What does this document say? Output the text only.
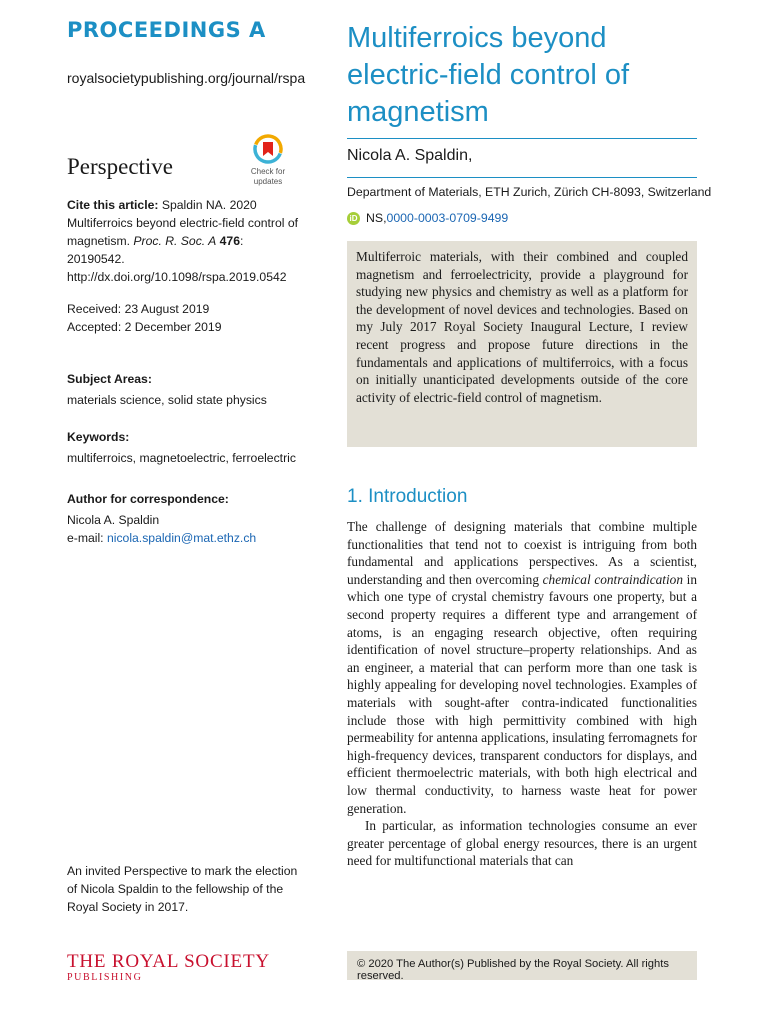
PROCEEDINGS A
royalsocietypublishing.org/journal/rspa
Perspective	Check for
updates
Cite this article: Spaldin NA. 2020 Multiferroics beyond electric-field control of magnetism. Proc. R. Soc. A 476: 20190542.
http://dx.doi.org/10.1098/rspa.2019.0542
Received: 23 August 2019
Accepted: 2 December 2019
Subject Areas:
materials science, solid state physics
Keywords:
multiferroics, magnetoelectric, ferroelectric
Author for correspondence:
Nicola A. Spaldin
e-mail: nicola.spaldin@mat.ethz.ch
An invited Perspective to mark the election of Nicola Spaldin to the fellowship of the Royal Society in 2017.
THE ROYAL SOCIETY
PUBLISHING
Multiferroics beyond electric-field control of magnetism
Nicola A. Spaldin,
Department of Materials, ETH Zurich, Zürich CH-8093, Switzerland
iD NS, 0000-0003-0709-9499
Multiferroic materials, with their combined and coupled magnetism and ferroelectricity, provide a playground for studying new physics and chemistry as well as a platform for the development of novel devices and technologies. Based on my July 2017 Royal Society Inaugural Lecture, I review recent progress and propose future directions in the fundamentals and applications of multiferroics, with a focus on initially unanticipated developments outside of the core activity of electric-field control of magnetism.
1. Introduction

The challenge of designing materials that combine multiple functionalities that tend not to coexist is intriguing from both fundamental and applications perspectives. As a scientist, understanding and then overcoming chemical contraindication in which one type of crystal chemistry favours one property, but a second property requires a different type and arrangement of atoms, is an engaging research objective, often requiring identification of novel structure–property relationships. And as an engineer, a material that can perform more than one task is highly appealing for developing novel technologies. Examples of materials with sought-after contra-indicated functionalities include those with high permittivity combined with high permeability for antenna applications, insulating ferromagnets for high-frequency devices, transparent conductors for displays, and efficient thermoelectric materials, with both high electrical and low thermal conductivity, to harness waste heat for power generation.

In particular, as information technologies consume an ever greater percentage of global energy resources, there is an urgent need for multifunctional materials that can

© 2020 The Author(s) Published by the Royal Society. All rights reserved.
